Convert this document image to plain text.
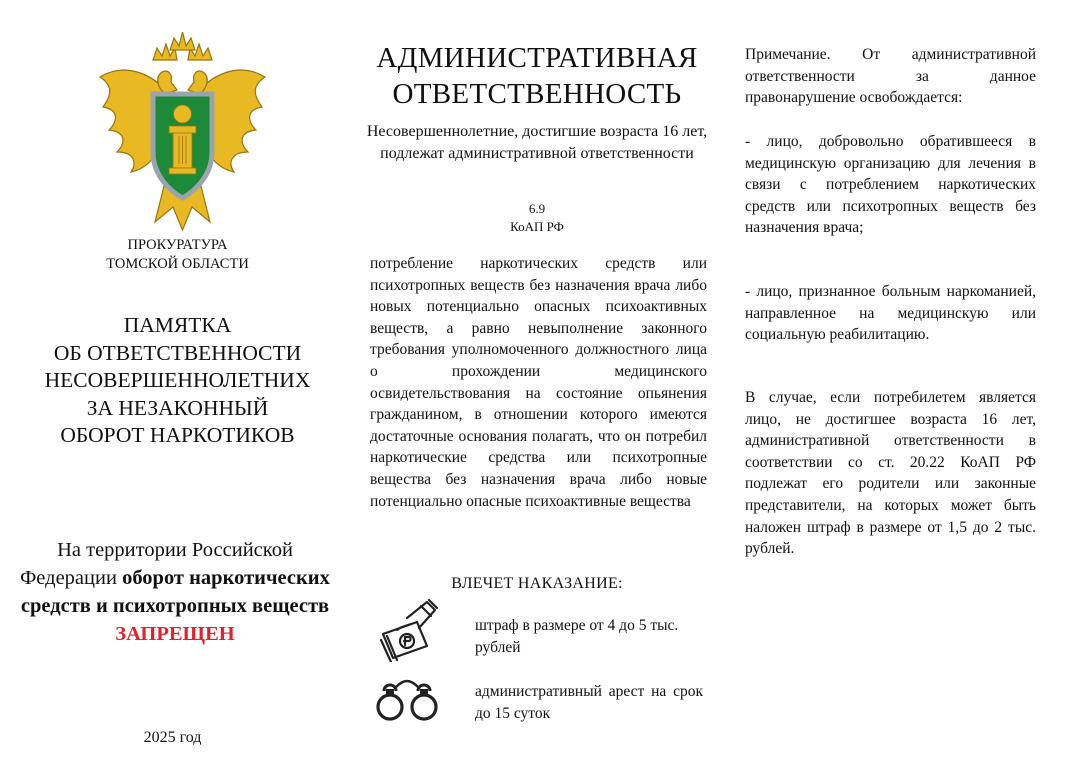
ПРОКУРАТУРА
ТОМСКОЙ ОБЛАСТИ
ПАМЯТКА
ОБ ОТВЕТСТВЕННОСТИ
НЕСОВЕРШЕННОЛЕТНИХ
ЗА НЕЗАКОННЫЙ
ОБОРОТ НАРКОТИКОВ
На территории Российской Федерации оборот наркотических средств и психотропных веществ
ЗАПРЕЩЕН
2025 год
АДМИНИСТРАТИВНАЯ
ОТВЕТСТВЕННОСТЬ
Несовершеннолетние, достигшие возраста 16 лет, подлежат административной ответственности
6.9
КоАП РФ
потребление наркотических средств или психотропных веществ без назначения врача либо новых потенциально опасных психоактивных веществ, а равно невыполнение законного требования уполномоченного должностного лица о прохождении медицинского освидетельствования на состояние опьянения гражданином, в отношении которого имеются достаточные основания полагать, что он потребил наркотические средства или психотропные вещества без назначения врача либо новые потенциально опасные психоактивные вещества
ВЛЕЧЕТ НАКАЗАНИЕ:
штраф в размере от 4 до 5 тыс. рублей
административный арест на срок до 15 суток
Примечание. От административной ответственности за данное правонарушение освобождается:
- лицо, добровольно обратившееся в медицинскую организацию для лечения в связи с потреблением наркотических средств или психотропных веществ без назначения врача;
- лицо, признанное больным наркоманией, направленное на медицинскую или социальную реабилитацию.
В случае, если потребилетем является лицо, не достигшее возраста 16 лет, административной ответственности в соответствии со ст. 20.22 КоАП РФ подлежат его родители или законные представители, на которых может быть наложен штраф в размере от 1,5 до 2 тыс. рублей.
